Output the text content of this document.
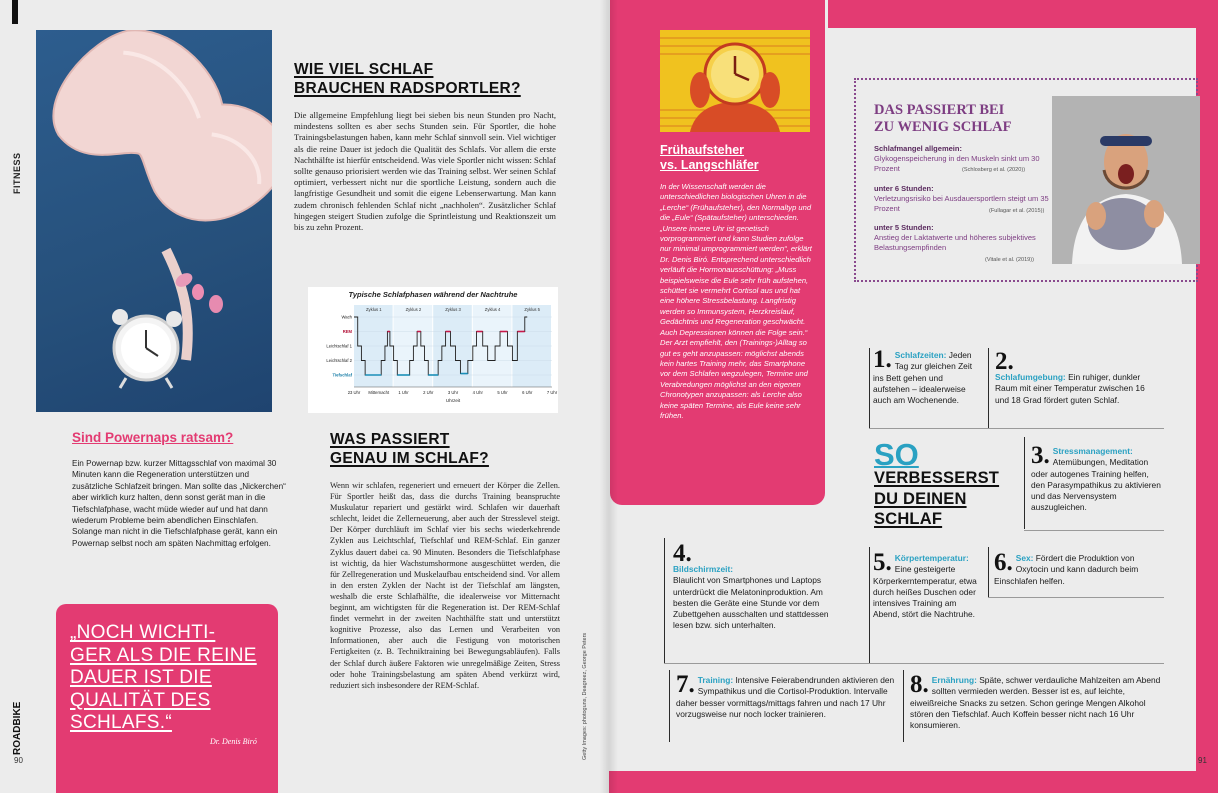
FITNESS
WIE VIEL SCHLAF
BRAUCHEN RADSPORTLER?
Die allgemeine Empfehlung liegt bei sieben bis neun Stunden pro Nacht, mindestens sollten es aber sechs Stunden sein. Für Sportler, die hohe Trainingsbelastungen haben, kann mehr Schlaf sinnvoll sein. Viel wichtiger als die reine Dauer ist jedoch die Qualität des Schlafs. Vor allem die erste Nachthälfte ist hierfür entscheidend. Was viele Sportler nicht wissen: Schlaf sollte genauso priorisiert werden wie das Training selbst. Wer seinen Schlaf optimiert, verbessert nicht nur die sportliche Leistung, sondern auch die langfristige Gesundheit und somit die eigene Lebenserwartung. Man kann zudem chronisch fehlenden Schlaf nicht „nachholen“. Zusätzlicher Schlaf hingegen steigert Studien zufolge die Sprintleistung und Reaktionszeit um bis zu zehn Prozent.
Typische Schlafphasen während der Nachtruhe
Zyklus 1	Zyklus 2	Zyklus 3	Zyklus 4	Zyklus 5
Wach
REM
Leichtschlaf 1
Leichtschlaf 2
Tiefschlaf
23 Uhr Mitternacht 1 Uhr	2 Uhr	3 Uhr	4 Uhr	5 Uhr	6 Uhr	7 Uhr
Uhrzeit
Sind Powernaps ratsam?
Ein Powernap bzw. kurzer Mittagsschlaf von maximal 30 Minuten kann die Regeneration unterstützen und zusätzliche Schlafzeit bringen. Man sollte das „Nickerchen“ aber wirklich kurz halten, denn sonst gerät man in die Tiefschlafphase, wacht müde wieder auf und hat dann wiederum Probleme beim abendlichen Einschlafen. Solange man nicht in die Tiefschlafphase gerät, kann ein Powernap selbst noch am späten Nachmittag erfolgen.
WAS PASSIERT
GENAU IM SCHLAF?
Wenn wir schlafen, regeneriert und erneuert der Körper die Zellen. Für Sportler heißt das, dass die durchs Training beanspruchte Muskulatur repariert und gestärkt wird. Schlafen wir dauerhaft schlecht, leidet die Zellerneuerung, aber auch der Stresslevel steigt. Der Körper durchläuft im Schlaf vier bis sechs wiederkehrende Zyklen aus Leichtschlaf, Tiefschlaf und REM-Schlaf. Ein ganzer Zyklus dauert dabei ca. 90 Minuten. Besonders die Tiefschlafphase ist wichtig, da hier Wachstumshormone ausgeschüttet werden, die für Zellregeneration und Muskelaufbau entscheidend sind. Vor allem in den ersten Zyklen der Nacht ist der Tiefschlaf am längsten, weshalb die erste Schlafhälfte, die idealerweise vor Mitternacht beginnt, am wichtigsten für die Regeneration ist. Der REM-Schlaf findet vermehrt in der zweiten Nachthälfte statt und unterstützt kognitive Prozesse, also das Lernen und Verarbeiten von Informationen, aber auch die Festigung von motorischen Fertigkeiten (z. B. Techniktraining bei Bewegungsabläufen). Falls der Schlaf durch äußere Faktoren wie unregelmäßige Zeiten, Stress oder hohe Trainingsbelastung am späten Abend verkürzt wird, reduziert sich insbesondere der REM-Schlaf.
„NOCH WICHTI-
GER ALS DIE REINE
DAUER IST DIE
QUALITÄT DES
SCHLAFS.“
Dr. Denis Biró	Getty Images: photoguns, Deagreez, George Peters
ROADBIKE
90
Frühaufsteher
vs. Langschläfer
In der Wissenschaft werden die unterschiedlichen biologischen Uhren in die „Lerche“ (Frühaufsteher), den Normaltyp und die „Eule“ (Spätaufsteher) unterschieden. „Unsere innere Uhr ist genetisch vorprogrammiert und kann Studien zufolge nur minimal umprogrammiert werden“, erklärt Dr. Denis Biró. Entsprechend unterschiedlich verläuft die Hormonausschüttung: „Muss beispielsweise die Eule sehr früh aufstehen, schüttet sie vermehrt Cortisol aus und hat eine höhere Stressbelastung. Langfristig werden so Immunsystem, Herzkreislauf, Gedächtnis und Regeneration geschwächt. Auch Depressionen können die Folge sein.“ Der Arzt empfiehlt, den (Trainings-)Alltag so gut es geht anzupassen: möglichst abends kein hartes Training mehr, das Smartphone vor dem Schlafen wegzulegen, Termine und Verabredungen möglichst an den eigenen Chronotypen anzupassen: als Lerche also keine späten Termine, als Eule keine sehr frühen.
DAS PASSIERT BEI
ZU WENIG SCHLAF
Schlafmangel allgemein:
Glykogenspeicherung in den Muskeln sinkt um 30 Prozent	(Schlosberg et al. (2020))
unter 6 Stunden:
Verletzungsrisiko bei Ausdauersportlern steigt um 35 Prozent	(Fullagar et al. (2015))
unter 5 Stunden:
Anstieg der Laktatwerte und höheres subjektives Belastungsempfinden
(Vitale et al. (2019))
1. Schlafzeiten: Jeden Tag zur gleichen Zeit ins Bett gehen und aufstehen – idealerweise auch am Wochenende.
2.
Schlafumgebung: Ein ruhiger, dunkler Raum mit einer Temperatur zwischen 16 und 18 Grad fördert guten Schlaf.
SO
VERBESSERST
DU DEINEN
SCHLAF
3. Stressmanagement: Atemübungen, Meditation oder autogenes Training helfen, den Parasympathikus zu aktivieren und das Nervensystem auszugleichen.
4.
Bildschirmzeit:
Blaulicht von Smartphones und Laptops unterdrückt die Melatoninproduktion. Am besten die Geräte eine Stunde vor dem Zubettgehen ausschalten und stattdessen lesen bzw. sich unterhalten.
5. Körpertemperatur: Eine gesteigerte Körperkerntemperatur, etwa durch heißes Duschen oder intensives Training am Abend, stört die Nachtruhe.
6. Sex: Fördert die Produktion von Oxytocin und kann dadurch beim Einschlafen helfen.
7. Training: Intensive Feierabendrunden aktivieren den Sympathikus und die Cortisol-Produktion. Intervalle daher besser vormittags/mittags fahren und nach 17 Uhr vorzugsweise nur noch locker trainieren.
8. Ernährung: Späte, schwer verdauliche Mahlzeiten am Abend sollten vermieden werden. Besser ist es, auf leichte, eiweißreiche Snacks zu setzen. Schon geringe Mengen Alkohol stören den Tiefschlaf. Auch Koffein besser nicht nach 16 Uhr konsumieren.
91
